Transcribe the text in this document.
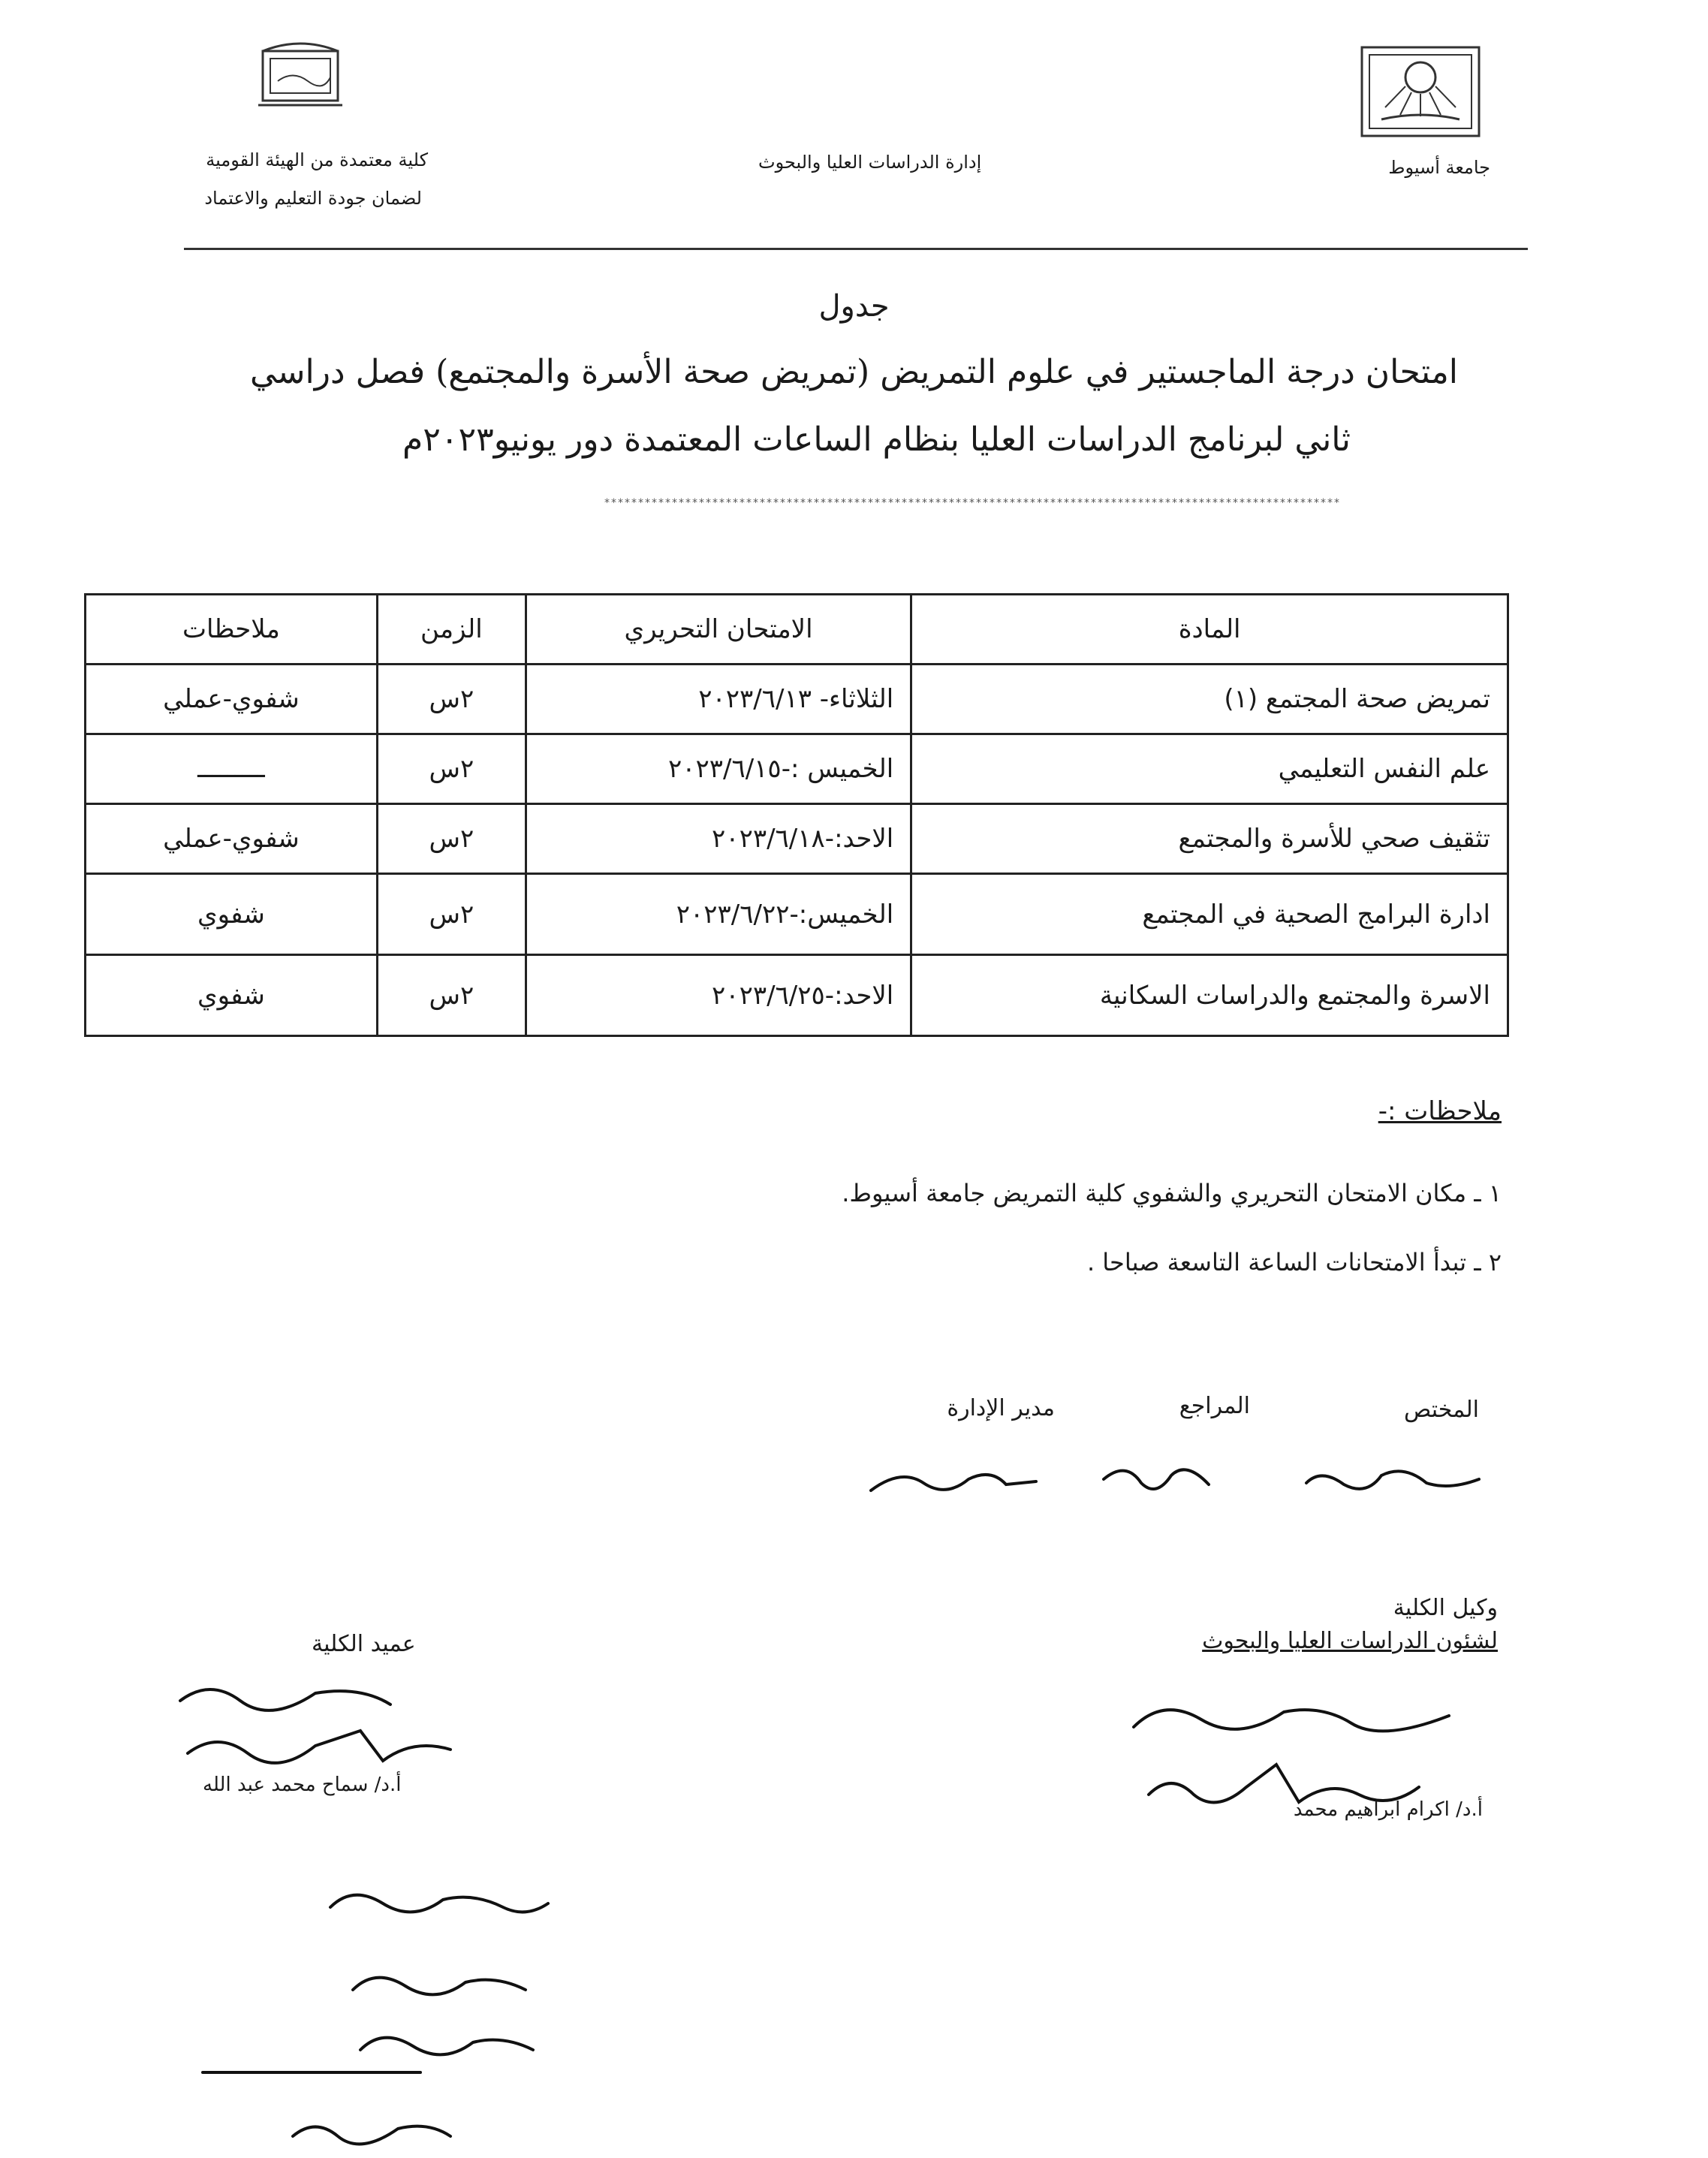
جامعة أسيوط
إدارة الدراسات العليا والبحوث
كلية معتمدة من الهيئة القومية
لضمان جودة التعليم والاعتماد
جدول
امتحان درجة الماجستير في علوم التمريض (تمريض صحة الأسرة والمجتمع) فصل دراسي
ثاني لبرنامج الدراسات العليا بنظام الساعات المعتمدة دور يونيو٢٠٢٣م
*************************************************************************************************************
المادة	الامتحان التحريري	الزمن	ملاحظات
تمريض صحة المجتمع (١)	الثلاثاء- ٢٠٢٣/٦/١٣	٢س	شفوي-عملي
علم النفس التعليمي	الخميس :-٢٠٢٣/٦/١٥	٢س	ـــــــــ
تثقيف صحي للأسرة والمجتمع	الاحد:-٢٠٢٣/٦/١٨	٢س	شفوي-عملي
ادارة البرامج الصحية في المجتمع	الخميس:-٢٠٢٣/٦/٢٢	٢س	شفوي
الاسرة والمجتمع والدراسات السكانية	الاحد:-٢٠٢٣/٦/٢٥	٢س	شفوي
ملاحظات :-
١ ـ مكان الامتحان التحريري والشفوي كلية التمريض جامعة أسيوط.
٢ ـ تبدأ الامتحانات الساعة التاسعة صباحا .
المختص
المراجع
مدير الإدارة
وكيل الكلية
لشئون الدراسات العليا والبحوث
أ.د/ اكرام ابراهيم محمد
عميد الكلية
أ.د/ سماح محمد عبد الله
